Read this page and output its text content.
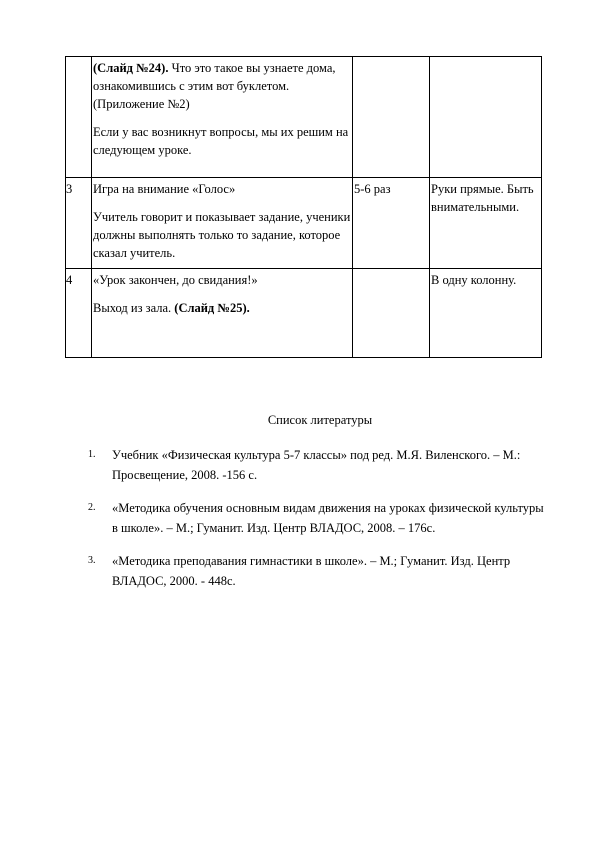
	(Слайд №24). Что это такое вы узнаете дома, ознакомившись с этим вот буклетом. (Приложение №2)

Если у вас возникнут вопросы, мы их решим на следующем уроке.		

3	Игра на внимание «Голос»

Учитель говорит и показывает задание, ученики должны выполнять только то задание, которое сказал учитель.	5-6 раз	Руки прямые. Быть внимательными.
4	«Урок закончен, до свидания!»

Выход из зала. (Слайд №25).		В одну колонну.
Список литературы
1. Учебник «Физическая культура 5-7 классы» под ред. М.Я. Виленского. – М.: Просвещение, 2008. -156 с.
2. «Методика обучения основным видам движения на уроках физической культуры в школе». – М.; Гуманит. Изд. Центр ВЛАДОС, 2008. – 176с.
3. «Методика преподавания гимнастики в школе». – М.; Гуманит. Изд. Центр ВЛАДОС, 2000. - 448с.
